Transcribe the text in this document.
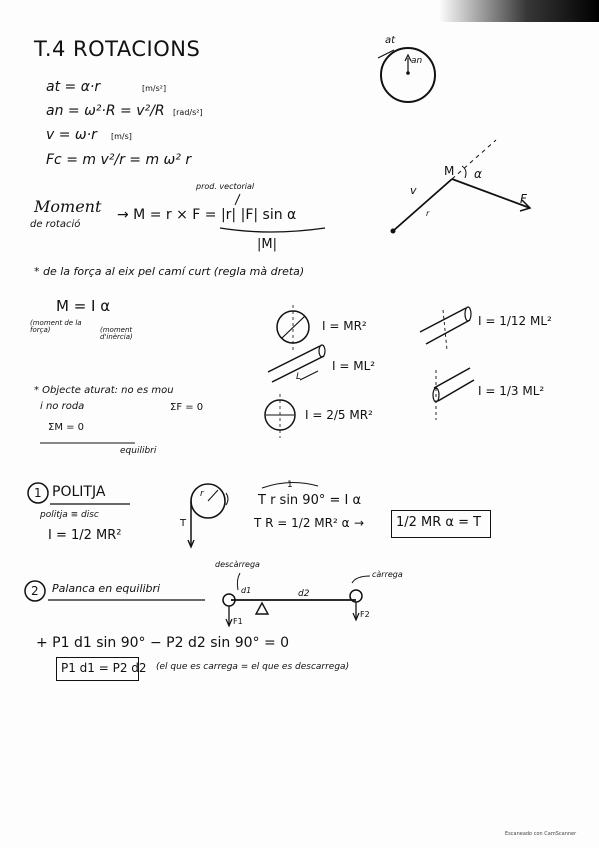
T.4 ROTACIONS
at = α·r	[m/s²]
an = ω²·R = v²/R [rad/s²]
v = ω·r [m/s]
Fc = m v²/r = m ω² r
at
an
Moment
de rotació
→ M = r × F = |r| |F| sin α
|M|
prod. vectorial
M
v
α
F
r
* de la força al eix pel camí curt (regla mà dreta)
M = I α
(moment de la força)	(moment d'inèrcia)
I = MR²
I = ML²
I = 2/5 MR²
I = 1/12 ML²
I = 1/3 ML²
L
* Objecte aturat: no es mou
i no roda	ΣF = 0
ΣM = 0
equilibri
1 POLITJA
politja ≡ disc
I = 1/2 MR²
r
T
1
T r sin 90° = I α
T R = 1/2 MR² α → 1/2 MR α = T
2 Palanca en equilibri
descàrrega
càrrega
d1	d2
F1
F2
+ P1 d1 sin 90° − P2 d2 sin 90° = 0
P1 d1 = P2 d2 (el que es carrega = el que es descarrega)
Escaneado con CamScanner
